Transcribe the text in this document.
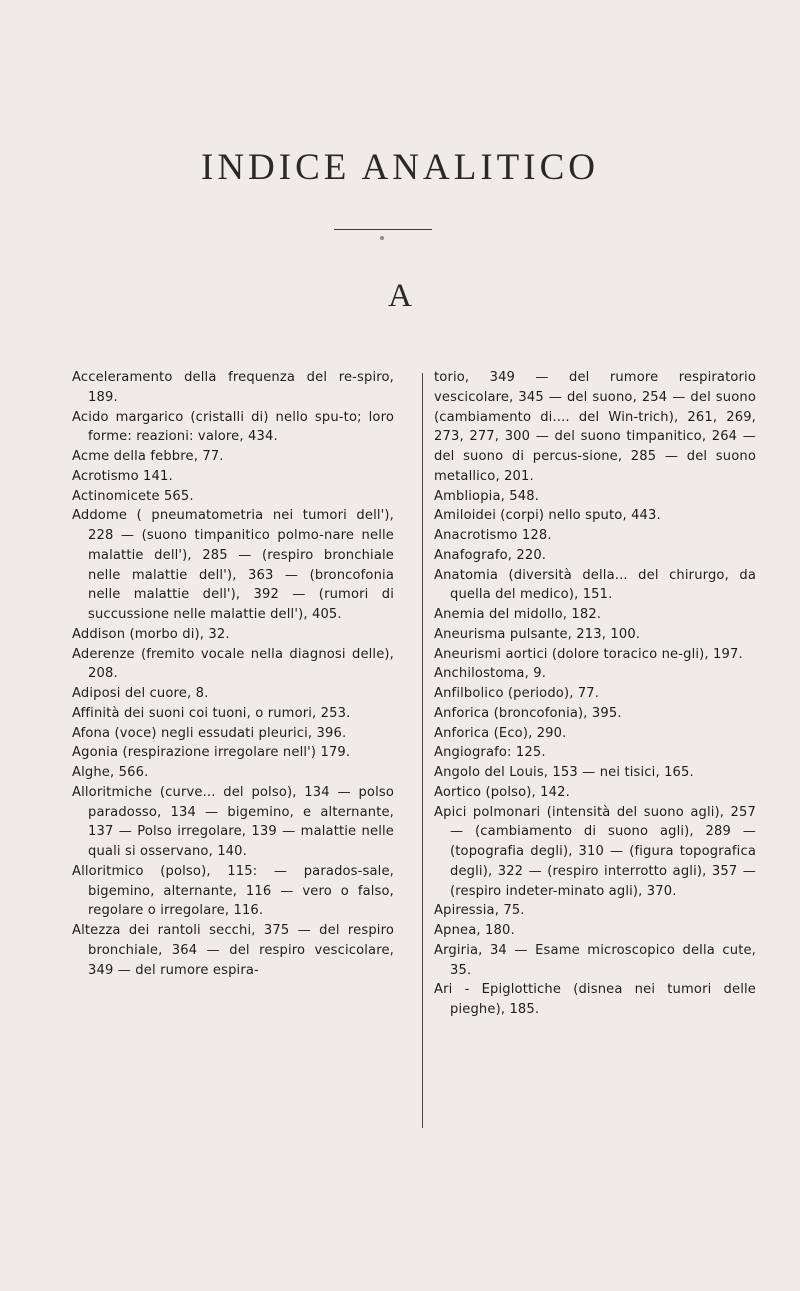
INDICE ANALITICO
A

Acceleramento della frequenza del re-spiro, 189.

Acido margarico (cristalli di) nello spu-to; loro forme: reazioni: valore, 434.

Acme della febbre, 77.

Acrotismo 141.

Actinomicete 565.

Addome ( pneumatometria nei tumori dell'), 228 — (suono timpanitico polmo-nare nelle malattie dell'), 285 — (respiro bronchiale nelle malattie dell'), 363 — (broncofonia nelle malattie dell'), 392 — (rumori di succussione nelle malattie dell'), 405.

Addison (morbo di), 32.

Aderenze (fremito vocale nella diagnosi delle), 208.

Adiposi del cuore, 8.

Affinità dei suoni coi tuoni, o rumori, 253.

Afona (voce) negli essudati pleurici, 396.

Agonia (respirazione irregolare nell') 179.

Alghe, 566.

Alloritmiche (curve... del polso), 134 — polso paradosso, 134 — bigemino, e alternante, 137 — Polso irregolare, 139 — malattie nelle quali si osservano, 140.

Alloritmico (polso), 115: — parados-sale, bigemino, alternante, 116 — vero o falso, regolare o irregolare, 116.

Altezza dei rantoli secchi, 375 — del respiro bronchiale, 364 — del respiro vescicolare, 349 — del rumore espira-

torio, 349 — del rumore respiratorio vescicolare, 345 — del suono, 254 — del suono (cambiamento di.... del Win-trich), 261, 269, 273, 277, 300 — del suono timpanitico, 264 — del suono di percus-sione, 285 — del suono metallico, 201.

Ambliopia, 548.

Amiloidei (corpi) nello sputo, 443.

Anacrotismo 128.

Anafografo, 220.

Anatomia (diversità della... del chirurgo, da quella del medico), 151.

Anemia del midollo, 182.

Aneurisma pulsante, 213, 100.

Aneurismi aortici (dolore toracico ne-gli), 197.

Anchilostoma, 9.

Anfilbolico (periodo), 77.

Anforica (broncofonia), 395.

Anforica (Eco), 290.

Angiografo: 125.

Angolo del Louis, 153 — nei tisici, 165.

Aortico (polso), 142.

Apici polmonari (intensità del suono agli), 257 — (cambiamento di suono agli), 289 — (topografia degli), 310 — (figura topografica degli), 322 — (respiro interrotto agli), 357 — (respiro indeter-minato agli), 370.

Apiressia, 75.

Apnea, 180.

Argiria, 34 — Esame microscopico della cute, 35.

Ari - Epiglottiche (disnea nei tumori delle pieghe), 185.
